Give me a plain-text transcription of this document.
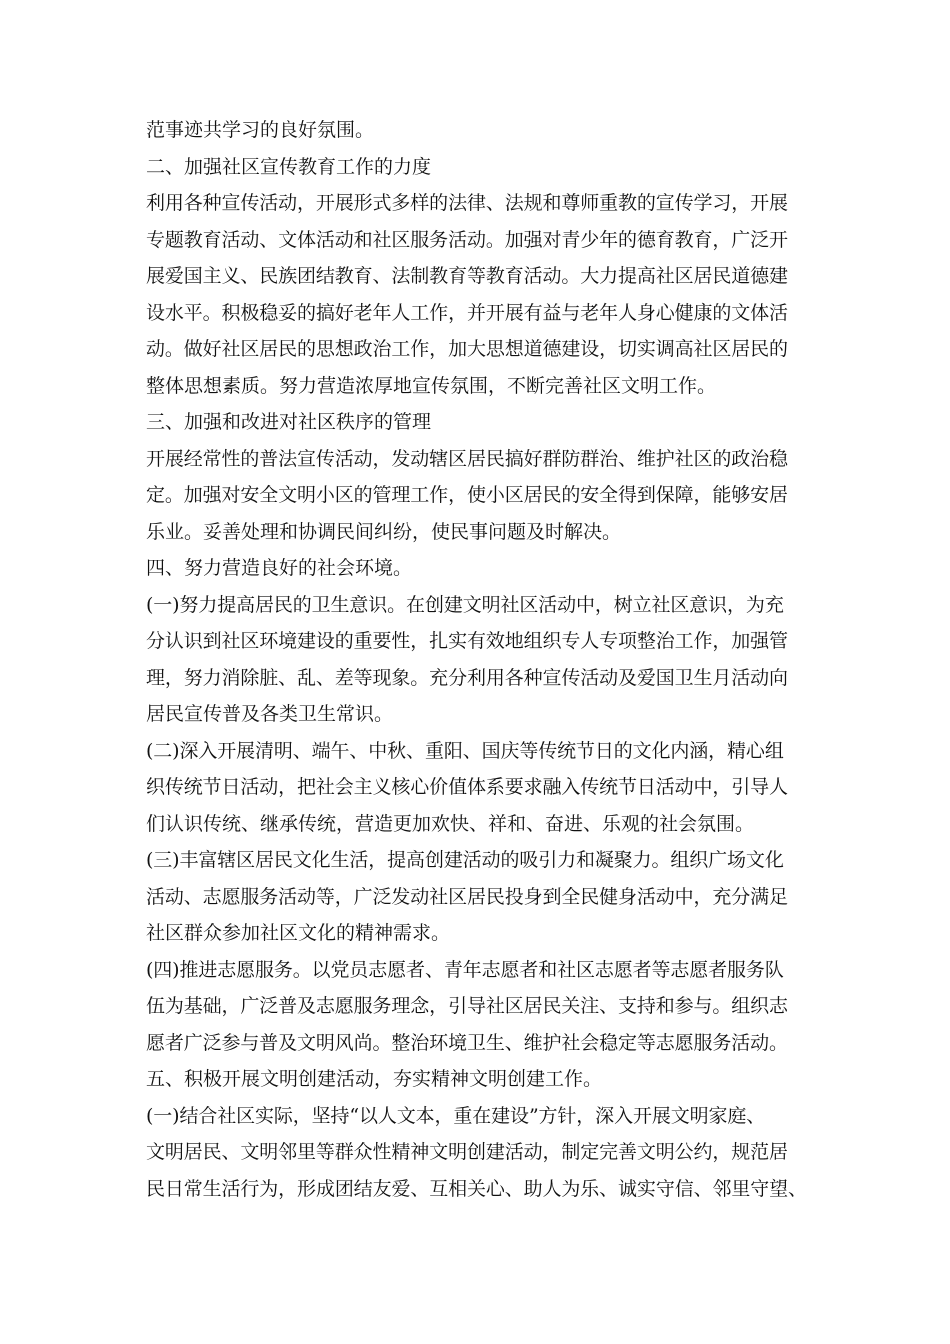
范事迹共学习的良好氛围。
二、加强社区宣传教育工作的力度
利用各种宣传活动，开展形式多样的法律、法规和尊师重教的宣传学习，开展
专题教育活动、文体活动和社区服务活动。加强对青少年的德育教育，广泛开
展爱国主义、民族团结教育、法制教育等教育活动。大力提高社区居民道德建
设水平。积极稳妥的搞好老年人工作，并开展有益与老年人身心健康的文体活
动。做好社区居民的思想政治工作，加大思想道德建设，切实调高社区居民的
整体思想素质。努力营造浓厚地宣传氛围，不断完善社区文明工作。
三、加强和改进对社区秩序的管理
开展经常性的普法宣传活动，发动辖区居民搞好群防群治、维护社区的政治稳
定。加强对安全文明小区的管理工作，使小区居民的安全得到保障，能够安居
乐业。妥善处理和协调民间纠纷，使民事问题及时解决。
四、努力营造良好的社会环境。
(一)努力提高居民的卫生意识。在创建文明社区活动中，树立社区意识，为充
分认识到社区环境建设的重要性，扎实有效地组织专人专项整治工作，加强管
理，努力消除脏、乱、差等现象。充分利用各种宣传活动及爱国卫生月活动向
居民宣传普及各类卫生常识。
(二)深入开展清明、端午、中秋、重阳、国庆等传统节日的文化内涵，精心组
织传统节日活动，把社会主义核心价值体系要求融入传统节日活动中，引导人
们认识传统、继承传统，营造更加欢快、祥和、奋进、乐观的社会氛围。
(三)丰富辖区居民文化生活，提高创建活动的吸引力和凝聚力。组织广场文化
活动、志愿服务活动等，广泛发动社区居民投身到全民健身活动中，充分满足
社区群众参加社区文化的精神需求。
(四)推进志愿服务。以党员志愿者、青年志愿者和社区志愿者等志愿者服务队
伍为基础，广泛普及志愿服务理念，引导社区居民关注、支持和参与。组织志
愿者广泛参与普及文明风尚。整治环境卫生、维护社会稳定等志愿服务活动。
五、积极开展文明创建活动，夯实精神文明创建工作。
(一)结合社区实际，坚持“以人文本，重在建设”方针，深入开展文明家庭、
文明居民、文明邻里等群众性精神文明创建活动，制定完善文明公约，规范居
民日常生活行为，形成团结友爱、互相关心、助人为乐、诚实守信、邻里守望、
